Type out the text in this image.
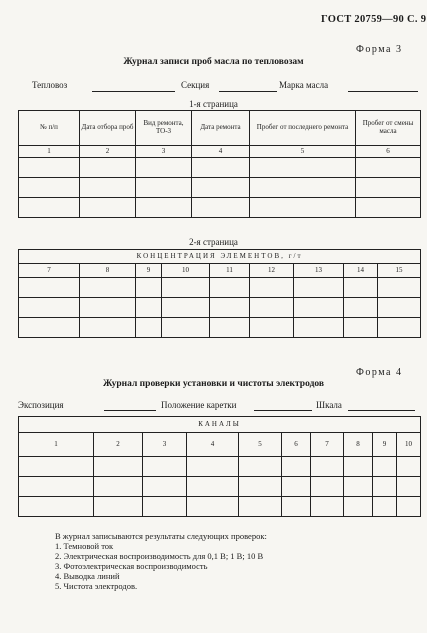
ГОСТ 20759—90 С. 9
Форма 3
Журнал записи проб масла по тепловозам
Тепловоз	Секция	Марка масла
1-я страница
№ п/п	Дата отбора проб	Вид ремонта, ТО-3	Дата ремонта	Пробег от последнего ремонта	Пробег от смены масла
1	2	3	4	5	6

2-я страница
КОНЦЕНТРАЦИЯ ЭЛЕМЕНТОВ, г/т								
7	8	9	10	11	12	13	14	15

Форма 4
Журнал проверки установки и чистоты электродов
Экспозиция	Положение каретки	Шкала
КАНАЛЫ									
1	2	3	4	5	6	7	8	9	10

В журнал записываются результаты следующих проверок:
1. Темновой ток
2. Электрическая воспроизводимость для 0,1 В; 1 В; 10 В
3. Фотоэлектрическая воспроизводимость
4. Выводка линий
5. Чистота электродов.
